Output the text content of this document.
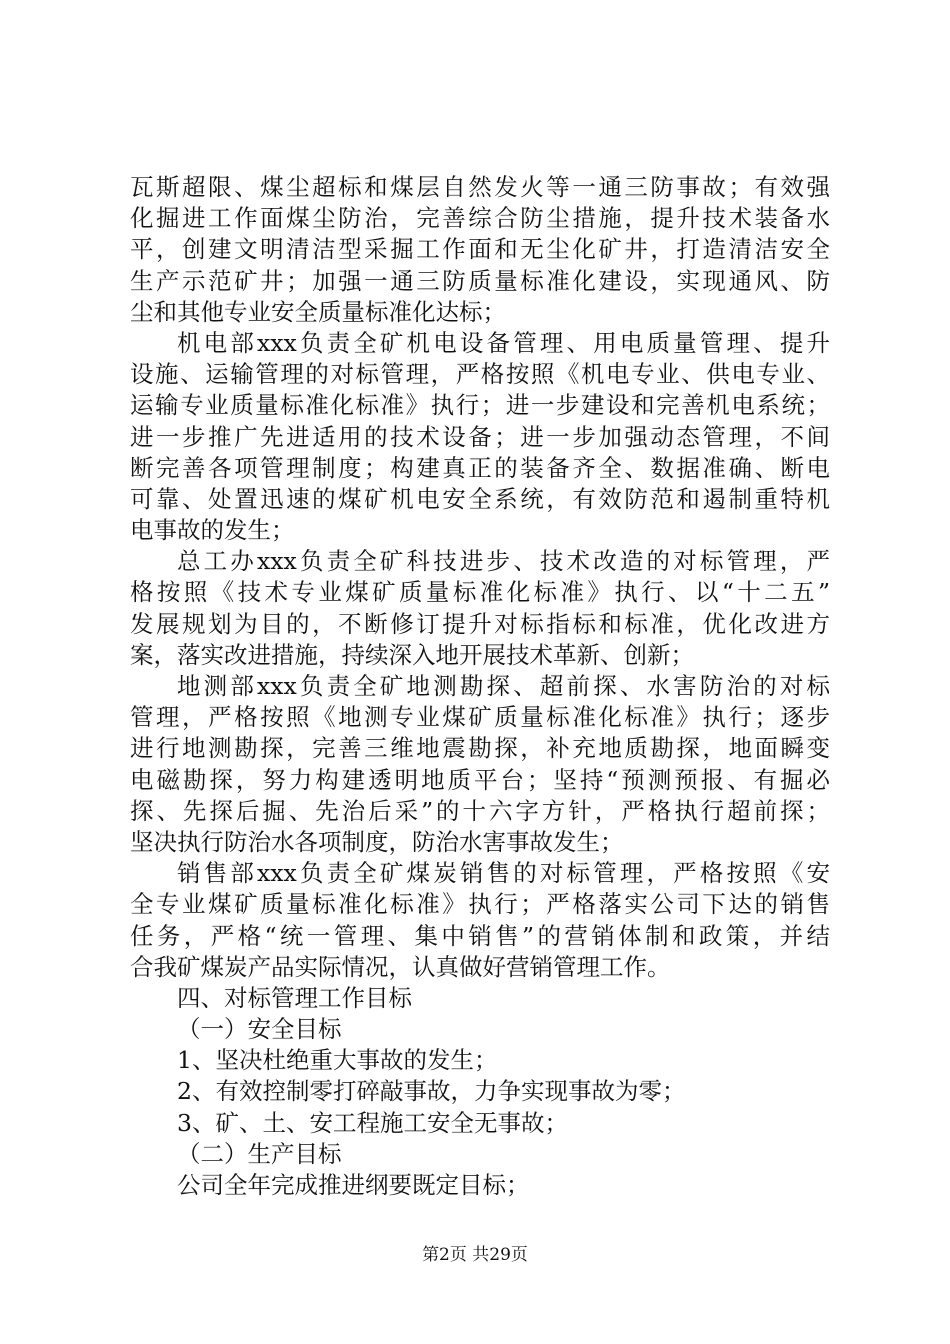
瓦斯超限、煤尘超标和煤层自然发火等一通三防事故；有效强
化掘进工作面煤尘防治，完善综合防尘措施，提升技术装备水
平，创建文明清洁型采掘工作面和无尘化矿井，打造清洁安全
生产示范矿井；加强一通三防质量标准化建设，实现通风、防
尘和其他专业安全质量标准化达标；
机电部xxx负责全矿机电设备管理、用电质量管理、提升
设施、运输管理的对标管理，严格按照《机电专业、供电专业、
运输专业质量标准化标准》执行；进一步建设和完善机电系统；
进一步推广先进适用的技术设备；进一步加强动态管理，不间
断完善各项管理制度；构建真正的装备齐全、数据准确、断电
可靠、处置迅速的煤矿机电安全系统，有效防范和遏制重特机
电事故的发生；
总工办xxx负责全矿科技进步、技术改造的对标管理，严
格按照《技术专业煤矿质量标准化标准》执行、以“十二五”
发展规划为目的，不断修订提升对标指标和标准，优化改进方
案，落实改进措施，持续深入地开展技术革新、创新；
地测部xxx负责全矿地测勘探、超前探、水害防治的对标
管理，严格按照《地测专业煤矿质量标准化标准》执行；逐步
进行地测勘探，完善三维地震勘探，补充地质勘探，地面瞬变
电磁勘探，努力构建透明地质平台；坚持“预测预报、有掘必
探、先探后掘、先治后采”的十六字方针，严格执行超前探；
坚决执行防治水各项制度，防治水害事故发生；
销售部xxx负责全矿煤炭销售的对标管理，严格按照《安
全专业煤矿质量标准化标准》执行；严格落实公司下达的销售
任务，严格“统一管理、集中销售”的营销体制和政策，并结
合我矿煤炭产品实际情况，认真做好营销管理工作。
四、对标管理工作目标
（一）安全目标
1、坚决杜绝重大事故的发生；
2、有效控制零打碎敲事故，力争实现事故为零；
3、矿、土、安工程施工安全无事故；
（二）生产目标
公司全年完成推进纲要既定目标；
第2页 共29页
